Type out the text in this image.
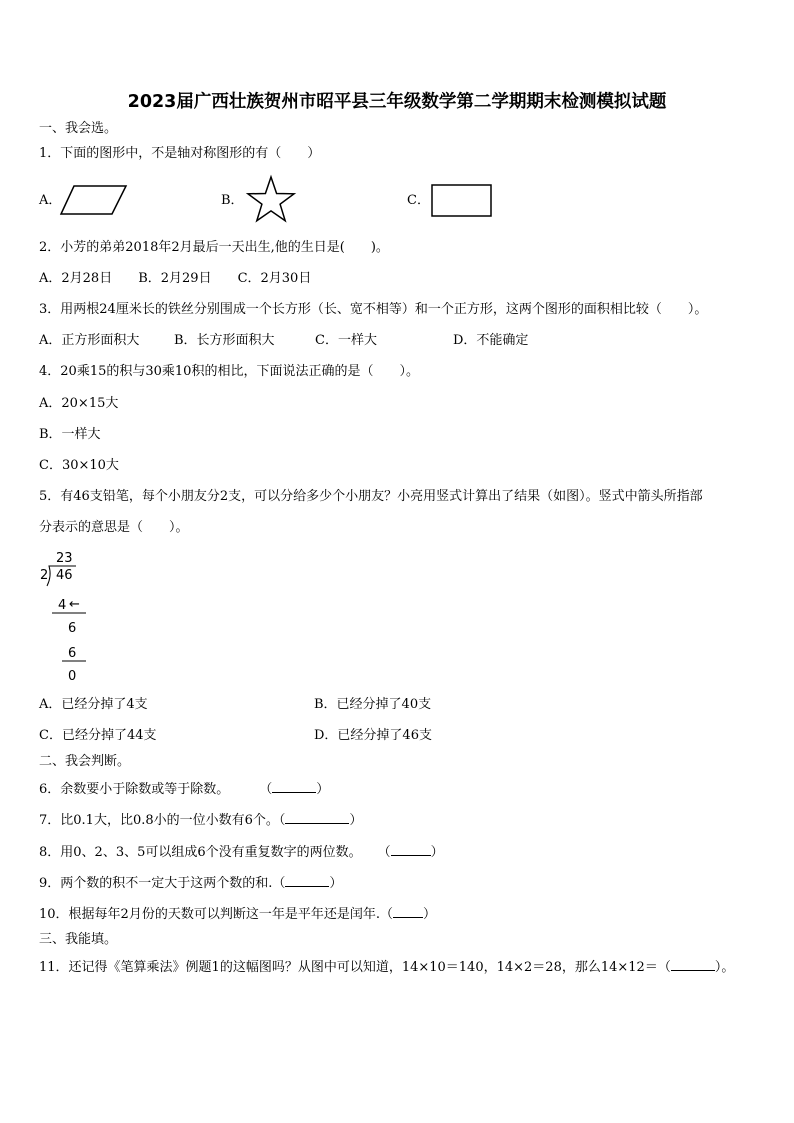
2023届广西壮族贺州市昭平县三年级数学第二学期期末检测模拟试题
一、我会选。
1．下面的图形中，不是轴对称图形的有（　　）
A．	B．	C．
2．小芳的弟弟2018年2月最后一天出生,他的生日是(　　)。
A．2月28日　　B．2月29日　　C．2月30日
3．用两根24厘米长的铁丝分别围成一个长方形（长、宽不相等）和一个正方形，这两个图形的面积相比较（　　）。
A．正方形面积大	B．长方形面积大	C．一样大	D．不能确定
4．20乘15的积与30乘10积的相比，下面说法正确的是（　　）。
A．20×15大
B．一样大
C．30×10大
5．有46支铅笔，每个小朋友分2支，可以分给多少个小朋友？小亮用竖式计算出了结果（如图）。竖式中箭头所指部
分表示的意思是（　　）。
23
2 46
4 ←
6
6
0
A．已经分掉了4支	B．已经分掉了40支
C．已经分掉了44支	D．已经分掉了46支
二、我会判断。
6．余数要小于除数或等于除数。 （	）
7．比0.1大，比0.8小的一位小数有6个。（	）
8．用0、2、3、5可以组成6个没有重复数字的两位数。 （	）
9．两个数的积不一定大于这两个数的和.（	）
10．根据每年2月份的天数可以判断这一年是平年还是闰年.（ ）
三、我能填。
11．还记得《笔算乘法》例题1的这幅图吗？从图中可以知道，14×10＝140，14×2＝28，那么14×12＝（	）。
